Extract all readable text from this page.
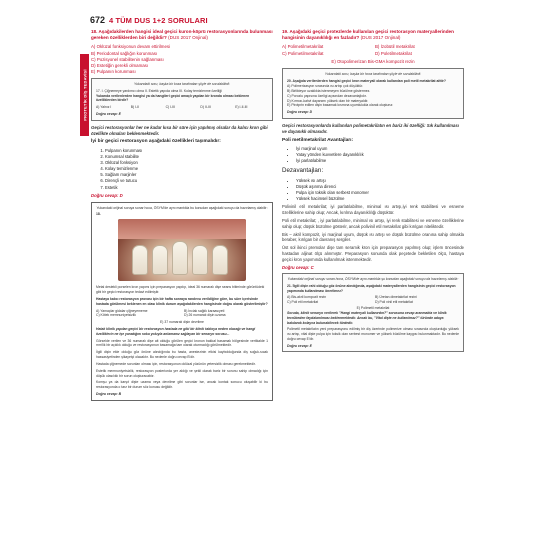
672 4 TÜM DUS 1+2 SORULARI
PROTETİK DİŞ TEDAVİSİ
18. Aşağıdakilerden hangisi ideal geçici kuron-köprü restorasyonlarında bulunması gereken özelliklerden biri değildir? (DUS 2017 Onjinal)
A) Oklüzal fonksiyonun devam ettirilmesi
B) Periodontal sağlığın korunması
C) Pozisyonel stabilitenin sağlanması
D) Estetiğin gerekli olmaması
E) Pulpanın korunması
Yukarıdaki soru, başka bir koza tarafından şöyle de sorulabilirdi:
17. I. Çiğnemeye yardımcı olma II. Estetik yapıda olma III. Kolay temizlenme özelliği
Yukarıda verilenlerden hangisi ya da hangileri geçici amaçlı yapılan bir kronda olması beklenen özelliklerden birdir?
A) Yalnız I	B) I-II	C) I-III	D) II-III	E) I-II-III
Doğru cevap: E
Geçici restorasyonlar her ne kadar kısa bir süre için yapılmış olsalar da kalıcı kron gibi özellikte olmaları beklenmektedir.
İyi bir geçici restorasyon aşağıdaki özellikleri taşımalıdır:
1. Pulpanın korunması
2. Konumsal stabilite
3. Oklüzal fonksiyon
4. Kolay temizlenme
5. Sağlam marjinler
6. Dirençli ve tutucu
7. Estetik
Doğru cevap: D
Yukarıdaki orijinal soruya sonar hoca, ÖSYM'de aynı mantıkla bu konudan aşağıdaki soruyu da hazırlamış olabilir:
18.
Metal destekli porselen kron yapımı için preparasyon yapılıp, ideal 36 numaralı dişe seans bitiminde görüntüdeki gibi bir geçici restorasyon tedavi edilmiştir.
Hastaya kalıcı restorasyon provası için bir hafta sonraya randevu verildiğine göre, bu süre içerisinde hastada görülmesi beklenen en olası klinik durum aşağıdakilerden hangisinde doğru olarak gösterilmiştir?
A) Yamaçlar gidalar çiğneyememe	B) İnciak sağlık karaasıyeti
C) Kötek memnuniyetsizlik	D) 26 numaralı dişin uzama
E) 37 numaralı dişin devrilme
Hatalı klinik yapılan geçici bir restorasyon hastada ne gibi bir klinik tabloya neden olacağı ve hangi özelliklerin ne işe yaradığını soka yoluyla anlamanız sağlayan bir senaryo sorusu...
Görselde verilen ve 36 numaralı dişe ait olduğu görülen geçici kronun bakkal basamak bölgesinde vertikalde 1 mm'lik bir açıklık olduğu ve restorasyonun basamağa tam olarak oturmadığı görülmektedir.
İlgili dişin ekle olduğu göz önüne alındığında bu hasta, anestezinin etkisi kaybolduğunda diş soğuk-sıcak hassasiyetinden şikayetçi olacaktır. Bu nedenle doğru cevap B'dir.
Hastada çiğnemede sorunları olması için, restorasyonun oklüzal yüzünün yetersizlik olması gerekmektedir.
Estetik memnuniyetsizlik, restorasyon posteriorda yer aldığı ve şekli olarak bariz bir sorunu sahip olmadığı için düşük olasılıklı bir sorun oluşturacaktır.
Komşu ya da karşıt dişte uzama veya devrilme gibi sorunlar ise, ancak kontak sonucu oluşabilir ki bu restorasyonda o tarz bir durum söz konusu değildir.
Doğru cevap: B
19. Aşağıdaki geçici protezlerde kullanılan geçici restorasyon materyallerinden hangisinin dayanıklılığı en fazladır? (DUS 2017 Onjinal)
A) Polimetilmetakrilat	B) İzobütil metakrilat
C) Polimetilmetakrilat	D) Poletilmetakrilat
E) Otopolimerizan Bis-GMA kompozit rezin
Yukarıdaki soru, başka bir hoca tarafından şöyle de sorulabilirdi:
20. Aşağıda verilenlerden hangisi geçici kron materyali olarak kullanılan poli metil metakrilat aittir?
A) Polimerizasyon sırasında ısı artışı çok düşüktür.
B) Birlikteyor uzaklıkta istenmeyen büzülme göstermez.
C) Porozlu yapısına özeligi açısından dezavantajlıdır.
D) Kırmızı-kahvi dayanımı yüksek olan bir materyaldir.
E) Pirotprin edilen dişin basamak kısmına uyumlulukla olarak oluşturur.
Doğru cevap: D
Geçici restorasyonlarda kullanılan polimetakrilatın en bariz iki özelliği: Sık kullanılması ve dayanıklı olmasıdır.
Poli metilmetakrilat Avantajları:
• İyi marjinal uyum
• Yatay yönden kuvvetlere dayanıklılık
• İyi parlatılabilme
Dezavantajları:
• Yüksek ısı artışı
• Düşük aşınma direnci
• Pulpa için toksik olan serbest monomer
• Yüksek hacimsel büzülme
Polivinil etil metakrilat; iyi parlatılabilme, minimal ısı artışı,iyi renk stabilitesi ve esneme özelliklerine sahip olup; Ancak, kırılma dayanıklılığı düşüktür.
Poli etil metakrilat; , iyi parlatılabilme, minimal ısı artışı, iyi renk stabilitesi ve esneme özelliklerine sahip olup; düşük büzülme gösterir, ancak polivinil etil metakrilat gibi kırılgan niteliktedir.
Bis – akril kompozit, iyi marjinal uyum, düşük ısı artışı ve düşük büzülme oranına sahip olmakla beraber, kırılgan bir davranış sergiler.
Üst sol ikinci premolar dişe tam seramik kron için preparasyon yapılmış olup; işlem öncesinde hastadan aljinat ölçü alınmıştır. Preparasyon sonunda olak peçetede bekletilen ölçü, hastaya geçici kron yapımında kullanılmak istenmektedir.
Doğru cevap: C
Yukarıdaki orijinal soruyu soran hoca, ÖSYM'de aynı mantıkla şu konudan aşağıdaki soruyu da hazırlamış olabilir:
21. İlgili dişin rahi olduğu göz önüne alındığında, aşağıdaki materyallerden hangisinin geçici restorasyon yapımında kullanılması önerilmez?
A) Bis-akril kompozit rezin	B) Üretan dimetakrilat rezini
C) Poli etil metakrilat	D) Poli vinil etil metakrilat
E) Polimetil metakrilat
Soruda, klinik senaryo verilerek "Hangi materyali kullanırdın?" sorusuna cevap aranmakta ve klinik tecrübeden faydalanılması beklenmektedir. Ancak bu, "Vital dişte ne kullanılmaz?" türünde adaya bakılarak kolayca bulunabilecek türdedir.
Polimetil metakrilatın yeni preparasyonu edilmiş bir diş üzerinde polimerize olması sırasında oluşturduğu yüksek ısı artışı, vital dişte pulpa için toksik olan serbest monomer ve yüksek büzülme kaygısı bulunmaktadır. Bu nedenle doğru cevap E'dir.
Doğru cevap: E
